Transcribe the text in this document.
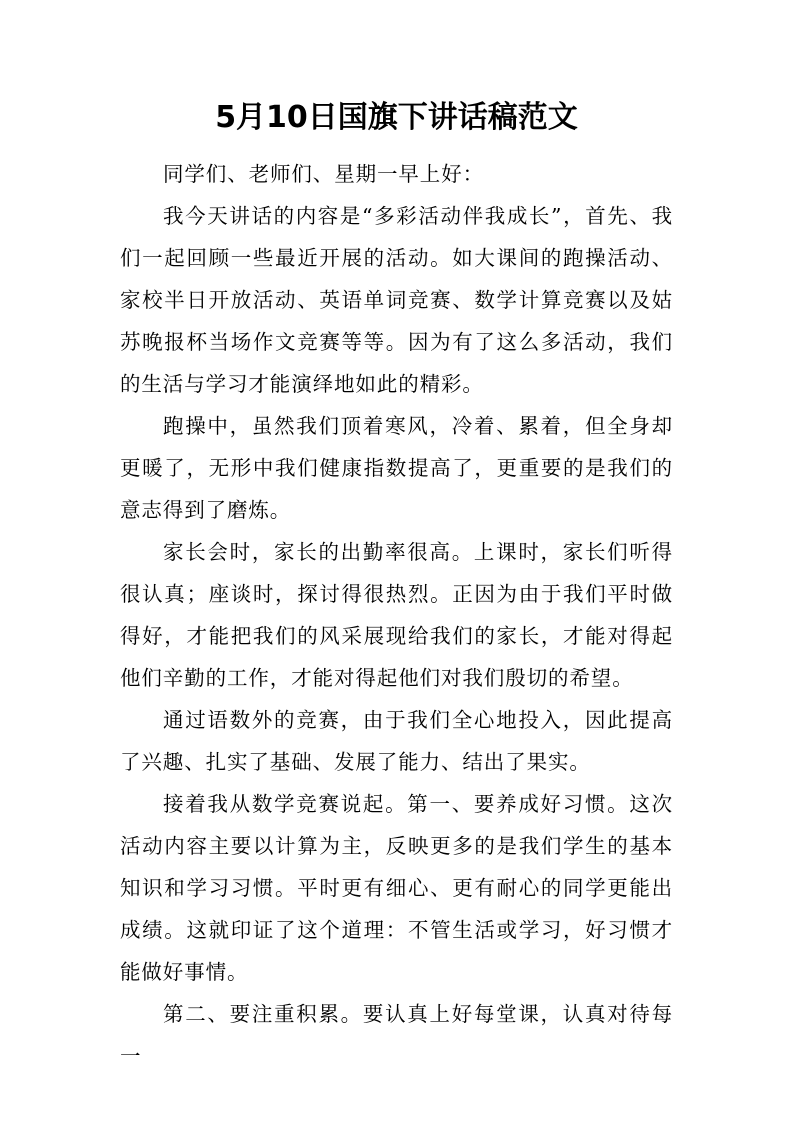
5月10日国旗下讲话稿范文

同学们、老师们、星期一早上好：

我今天讲话的内容是“多彩活动伴我成长”，首先、我们一起回顾一些最近开展的活动。如大课间的跑操活动、家校半日开放活动、英语单词竞赛、数学计算竞赛以及姑苏晚报杯当场作文竞赛等等。因为有了这么多活动，我们的生活与学习才能演绎地如此的精彩。

跑操中，虽然我们顶着寒风，冷着、累着，但全身却更暖了，无形中我们健康指数提高了，更重要的是我们的意志得到了磨炼。

家长会时，家长的出勤率很高。上课时，家长们听得很认真；座谈时，探讨得很热烈。正因为由于我们平时做得好，才能把我们的风采展现给我们的家长，才能对得起他们辛勤的工作，才能对得起他们对我们殷切的希望。

通过语数外的竞赛，由于我们全心地投入，因此提高了兴趣、扎实了基础、发展了能力、结出了果实。

接着我从数学竞赛说起。第一、要养成好习惯。这次活动内容主要以计算为主，反映更多的是我们学生的基本知识和学习习惯。平时更有细心、更有耐心的同学更能出成绩。这就印证了这个道理：不管生活或学习，好习惯才能做好事情。

第二、要注重积累。要认真上好每堂课，认真对待每一
